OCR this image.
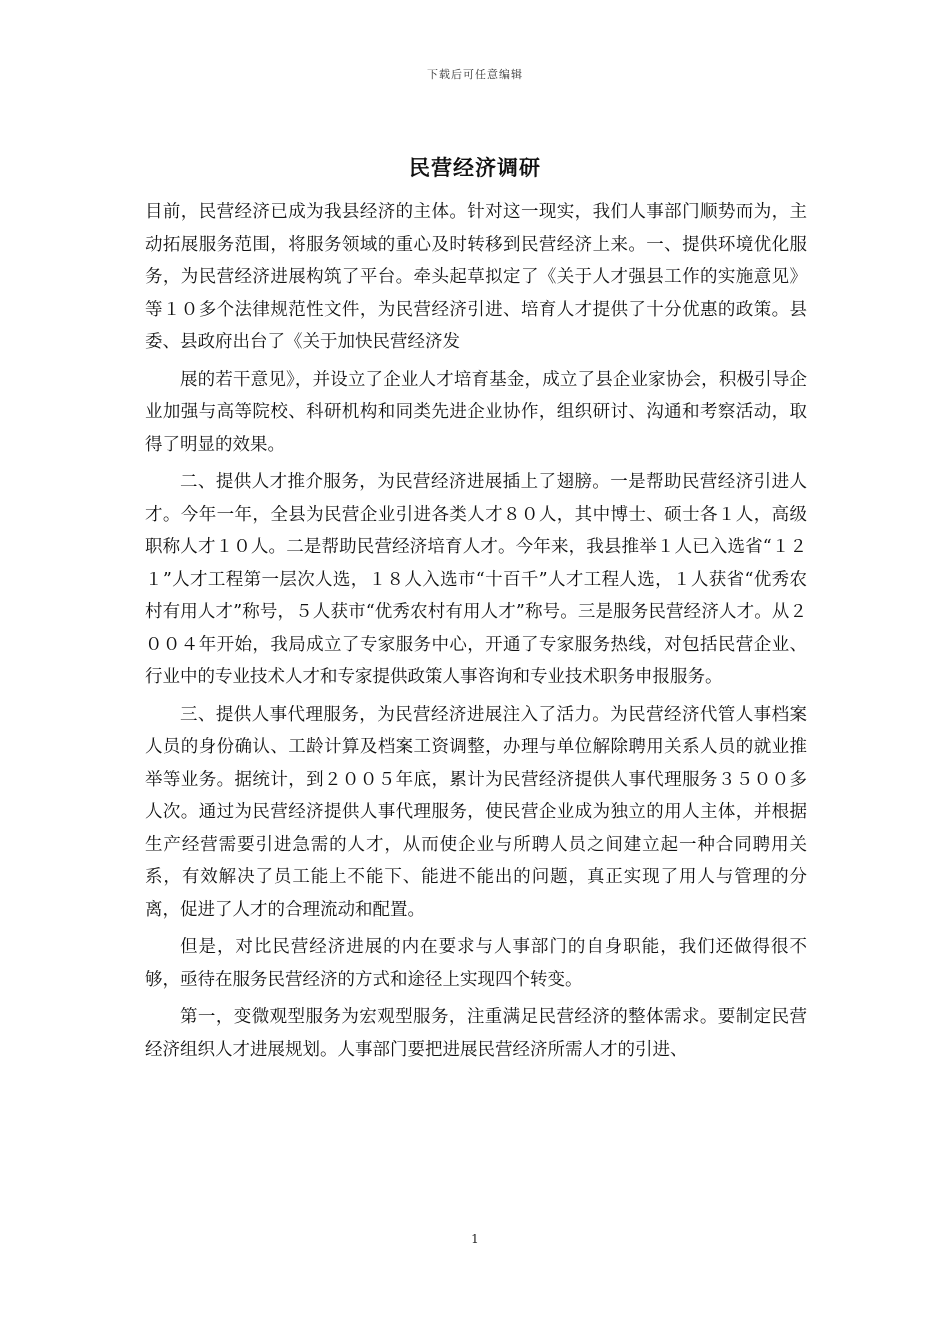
下载后可任意编辑
民营经济调研

目前，民营经济已成为我县经济的主体。针对这一现实，我们人事部门顺势而为，主动拓展服务范围，将服务领域的重心及时转移到民营经济上来。一、提供环境优化服务，为民营经济进展构筑了平台。牵头起草拟定了《关于人才强县工作的实施意见》等１０多个法律规范性文件，为民营经济引进、培育人才提供了十分优惠的政策。县委、县政府出台了《关于加快民营经济发

展的若干意见》，并设立了企业人才培育基金，成立了县企业家协会，积极引导企业加强与高等院校、科研机构和同类先进企业协作，组织研讨、沟通和考察活动，取得了明显的效果。

二、提供人才推介服务，为民营经济进展插上了翅膀。一是帮助民营经济引进人才。今年一年，全县为民营企业引进各类人才８０人，其中博士、硕士各１人，高级职称人才１０人。二是帮助民营经济培育人才。今年来，我县推举１人已入选省“１２１”人才工程第一层次人选，１８人入选市“十百千”人才工程人选，１人获省“优秀农村有用人才”称号，５人获市“优秀农村有用人才”称号。三是服务民营经济人才。从２００４年开始，我局成立了专家服务中心，开通了专家服务热线，对包括民营企业、行业中的专业技术人才和专家提供政策人事咨询和专业技术职务申报服务。

三、提供人事代理服务，为民营经济进展注入了活力。为民营经济代管人事档案人员的身份确认、工龄计算及档案工资调整，办理与单位解除聘用关系人员的就业推举等业务。据统计，到２００５年底，累计为民营经济提供人事代理服务３５００多人次。通过为民营经济提供人事代理服务，使民营企业成为独立的用人主体，并根据生产经营需要引进急需的人才，从而使企业与所聘人员之间建立起一种合同聘用关系，有效解决了员工能上不能下、能进不能出的问题，真正实现了用人与管理的分离，促进了人才的合理流动和配置。

但是，对比民营经济进展的内在要求与人事部门的自身职能，我们还做得很不够，亟待在服务民营经济的方式和途径上实现四个转变。

第一，变微观型服务为宏观型服务，注重满足民营经济的整体需求。要制定民营经济组织人才进展规划。人事部门要把进展民营经济所需人才的引进、

1
